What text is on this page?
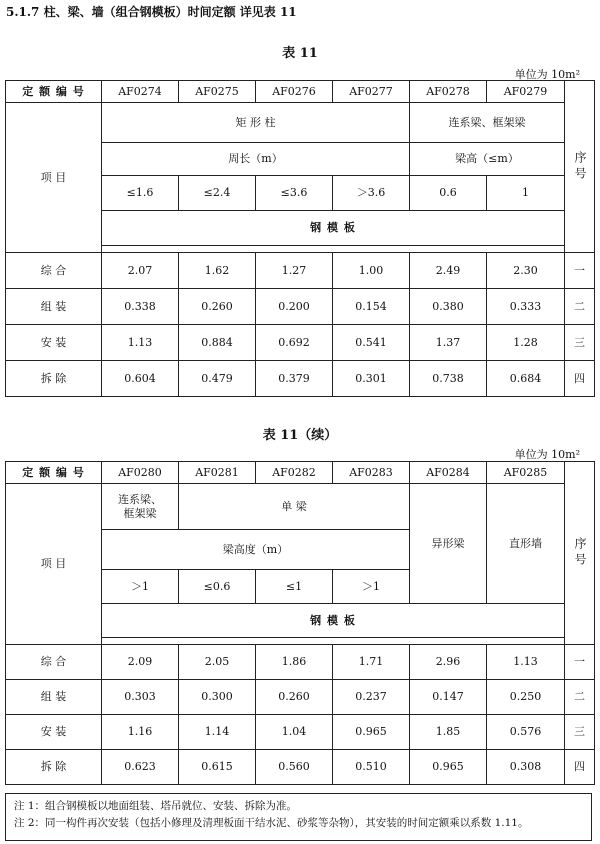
5.1.7 柱、梁、墙（组合钢模板）时间定额 详见表 11
表 11
单位为 10m²
定 额 编 号	AF0274	AF0275	AF0276	AF0277	AF0278	AF0279	序号
项 目	矩 形 柱				连系梁、框架梁		
	周长（m）				梁高（≤m）		
	≤1.6	≤2.4	≤3.6	＞3.6	0.6	1	
	钢 模 板						

综 合	2.07	1.62	1.27	1.00	2.49	2.30	一
组 装	0.338	0.260	0.200	0.154	0.380	0.333	二
安 装	1.13	0.884	0.692	0.541	1.37	1.28	三
拆 除	0.604	0.479	0.379	0.301	0.738	0.684	四
表 11（续）
单位为 10m²
定 额 编 号	AF0280	AF0281	AF0282	AF0283	AF0284	AF0285	序号
项 目	连系梁、框架梁	单 梁			异形梁	直形墙	
	梁高度（m）						
	＞1	≤0.6	≤1	＞1			
	钢 模 板						

综 合	2.09	2.05	1.86	1.71	2.96	1.13	一
组 装	0.303	0.300	0.260	0.237	0.147	0.250	二
安 装	1.16	1.14	1.04	0.965	1.85	0.576	三
拆 除	0.623	0.615	0.560	0.510	0.965	0.308	四
注 1：组合钢模板以地面组装、塔吊就位、安装、拆除为准。
注 2：同一构件再次安装（包括小修理及清理板面干结水泥、砂浆等杂物），其安装的时间定额乘以系数 1.11。
